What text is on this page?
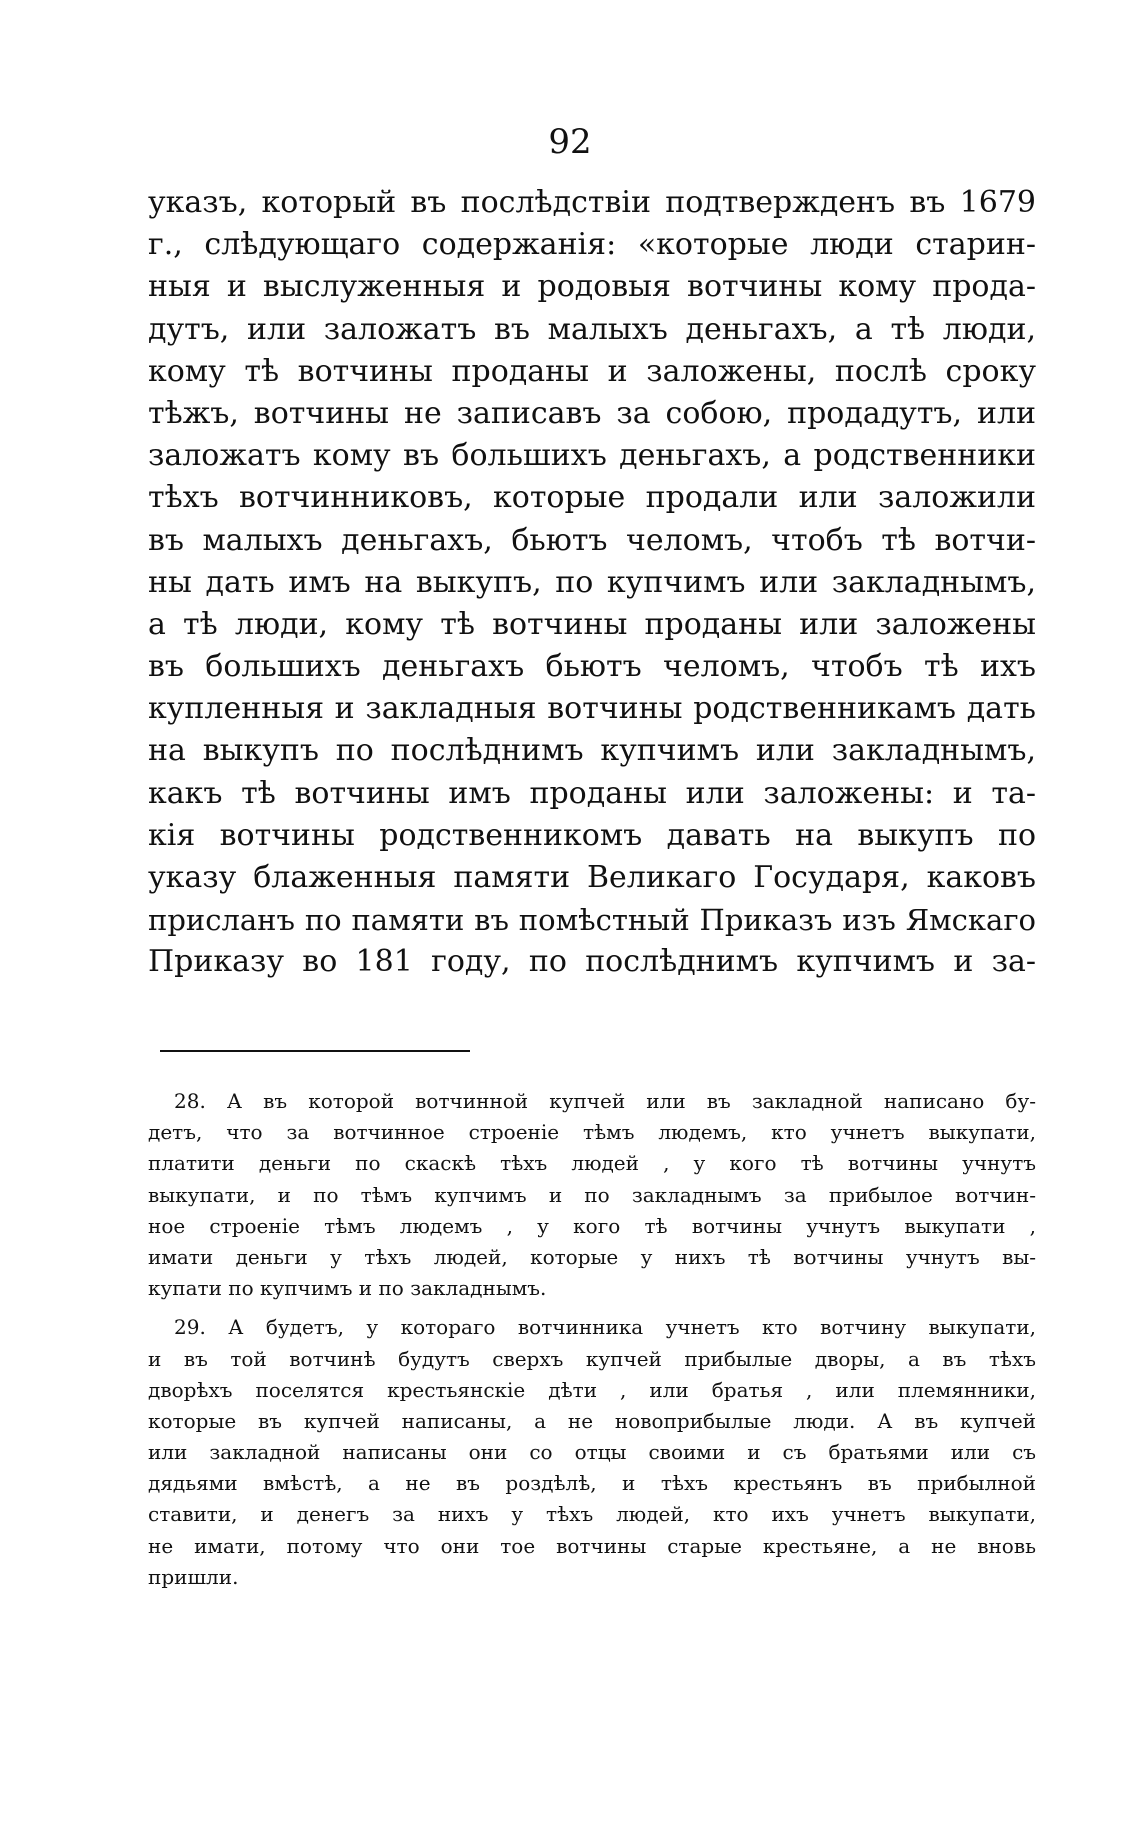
92
указъ, который въ послѣдствіи подтвержденъ въ 1679
г., слѣдующаго содержанія: «которые люди старин-
ныя и выслуженныя и родовыя вотчины кому прода-
дутъ, или заложатъ въ малыхъ деньгахъ, а тѣ люди,
кому тѣ вотчины проданы и заложены, послѣ сроку
тѣжъ, вотчины не записавъ за собою, продадутъ, или
заложатъ кому въ большихъ деньгахъ, а родственники
тѣхъ вотчинниковъ, которые продали или заложили
въ малыхъ деньгахъ, бьютъ челомъ, чтобъ тѣ вотчи-
ны дать имъ на выкупъ, по купчимъ или закладнымъ,
а тѣ люди, кому тѣ вотчины проданы или заложены
въ большихъ деньгахъ бьютъ челомъ, чтобъ тѣ ихъ
купленныя и закладныя вотчины родственникамъ дать
на выкупъ по послѣднимъ купчимъ или закладнымъ,
какъ тѣ вотчины имъ проданы или заложены: и та-
кія вотчины родственникомъ давать на выкупъ по
указу блаженныя памяти Великаго Государя, каковъ
присланъ по памяти въ помѣстный Приказъ изъ Ямскаго
Приказу во 181 году, по послѣднимъ купчимъ и за-
28. А въ которой вотчинной купчей или въ закладной написано бу-
детъ, что за вотчинное строеніе тѣмъ людемъ, кто учнетъ выкупати,
платити деньги по скаскѣ тѣхъ людей , у кого тѣ вотчины учнутъ
выкупати, и по тѣмъ купчимъ и по закладнымъ за прибылое вотчин-
ное строеніе тѣмъ людемъ , у кого тѣ вотчины учнутъ выкупати ,
имати деньги у тѣхъ людей, которые у нихъ тѣ вотчины учнутъ вы-
купати по купчимъ и по закладнымъ.
29. А будетъ, у котораго вотчинника учнетъ кто вотчину выкупати,
и въ той вотчинѣ будутъ сверхъ купчей прибылые дворы, а въ тѣхъ
дворѣхъ поселятся крестьянскіе дѣти , или братья , или племянники,
которые въ купчей написаны, а не новоприбылые люди. А въ купчей
или закладной написаны они со отцы своими и съ братьями или съ
дядьями вмѣстѣ, а не въ роздѣлѣ, и тѣхъ крестьянъ въ прибылной
ставити, и денегъ за нихъ у тѣхъ людей, кто ихъ учнетъ выкупати,
не имати, потому что они тое вотчины старые крестьяне, а не вновь
пришли.
